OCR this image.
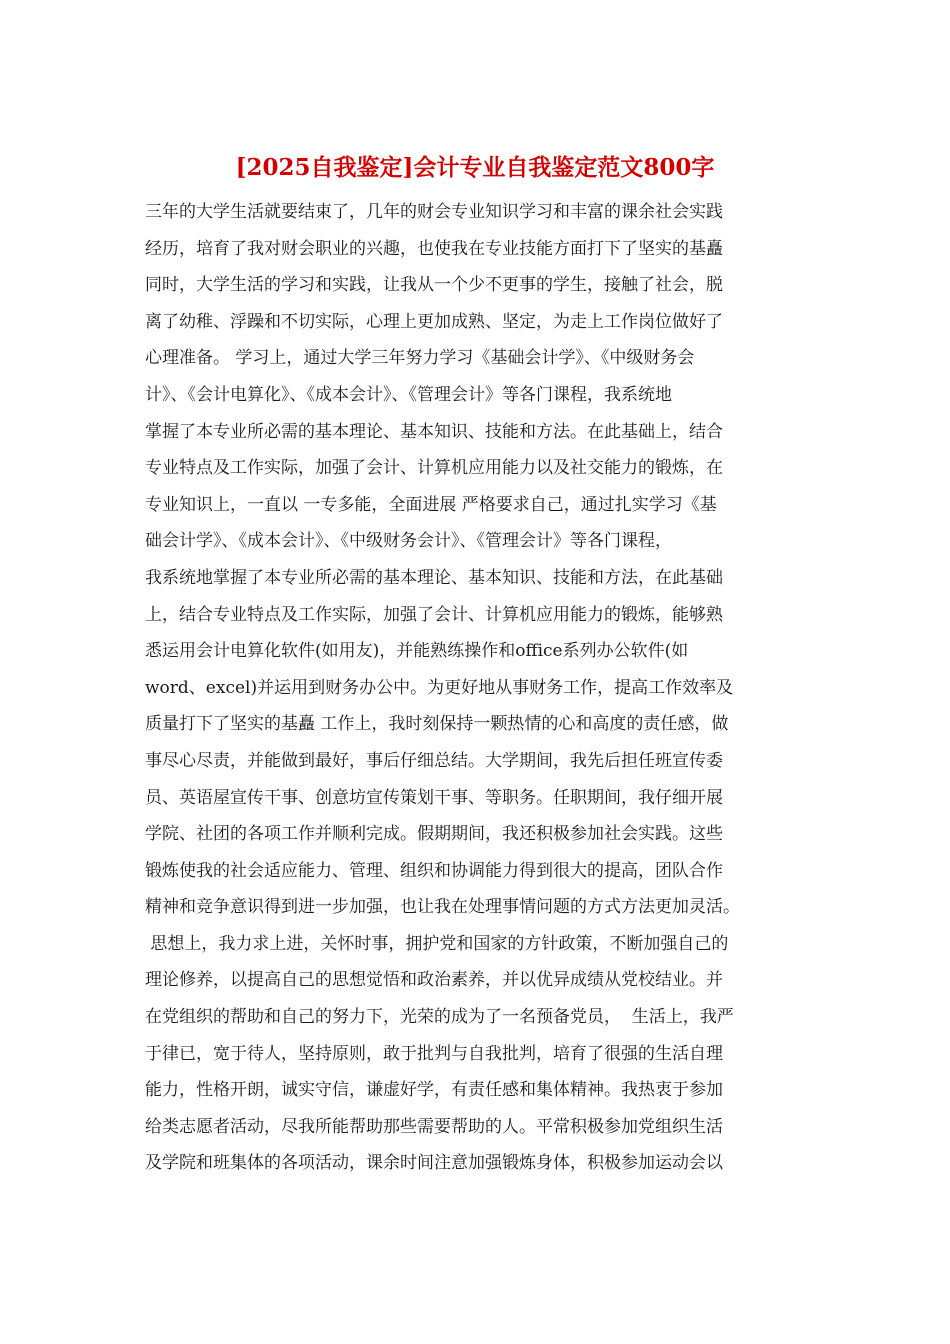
[2025自我鉴定]会计专业自我鉴定范文800字
三年的大学生活就要结束了，几年的财会专业知识学习和丰富的课余社会实践
经历，培育了我对财会职业的兴趣，也使我在专业技能方面打下了坚实的基矗
同时，大学生活的学习和实践，让我从一个少不更事的学生，接触了社会，脱
离了幼稚、浮躁和不切实际，心理上更加成熟、坚定，为走上工作岗位做好了
心理准备。 学习上，通过大学三年努力学习《基础会计学》、《中级财务会
计》、《会计电算化》、《成本会计》、《管理会计》等各门课程，我系统地
掌握了本专业所必需的基本理论、基本知识、技能和方法。在此基础上，结合
专业特点及工作实际，加强了会计、计算机应用能力以及社交能力的锻炼，在
专业知识上，一直以 一专多能，全面进展 严格要求自己，通过扎实学习《基
础会计学》、《成本会计》、《中级财务会计》、《管理会计》等各门课程，
我系统地掌握了本专业所必需的基本理论、基本知识、技能和方法，在此基础
上，结合专业特点及工作实际，加强了会计、计算机应用能力的锻炼，能够熟
悉运用会计电算化软件(如用友)，并能熟练操作和office系列办公软件(如
word、excel)并运用到财务办公中。为更好地从事财务工作，提高工作效率及
质量打下了坚实的基矗 工作上，我时刻保持一颗热情的心和高度的责任感，做
事尽心尽责，并能做到最好，事后仔细总结。大学期间，我先后担任班宣传委
员、英语屋宣传干事、创意坊宣传策划干事、等职务。任职期间，我仔细开展
学院、社团的各项工作并顺利完成。假期期间，我还积极参加社会实践。这些
锻炼使我的社会适应能力、管理、组织和协调能力得到很大的提高，团队合作
精神和竞争意识得到进一步加强，也让我在处理事情问题的方式方法更加灵活。
思想上，我力求上进，关怀时事，拥护党和国家的方针政策，不断加强自己的
理论修养，以提高自己的思想觉悟和政治素养，并以优异成绩从党校结业。并
在党组织的帮助和自己的努力下，光荣的成为了一名预备党员，  生活上，我严
于律已，宽于待人，坚持原则，敢于批判与自我批判，培育了很强的生活自理
能力，性格开朗，诚实守信，谦虚好学，有责任感和集体精神。我热衷于参加
给类志愿者活动，尽我所能帮助那些需要帮助的人。平常积极参加党组织生活
及学院和班集体的各项活动，课余时间注意加强锻炼身体，积极参加运动会以
